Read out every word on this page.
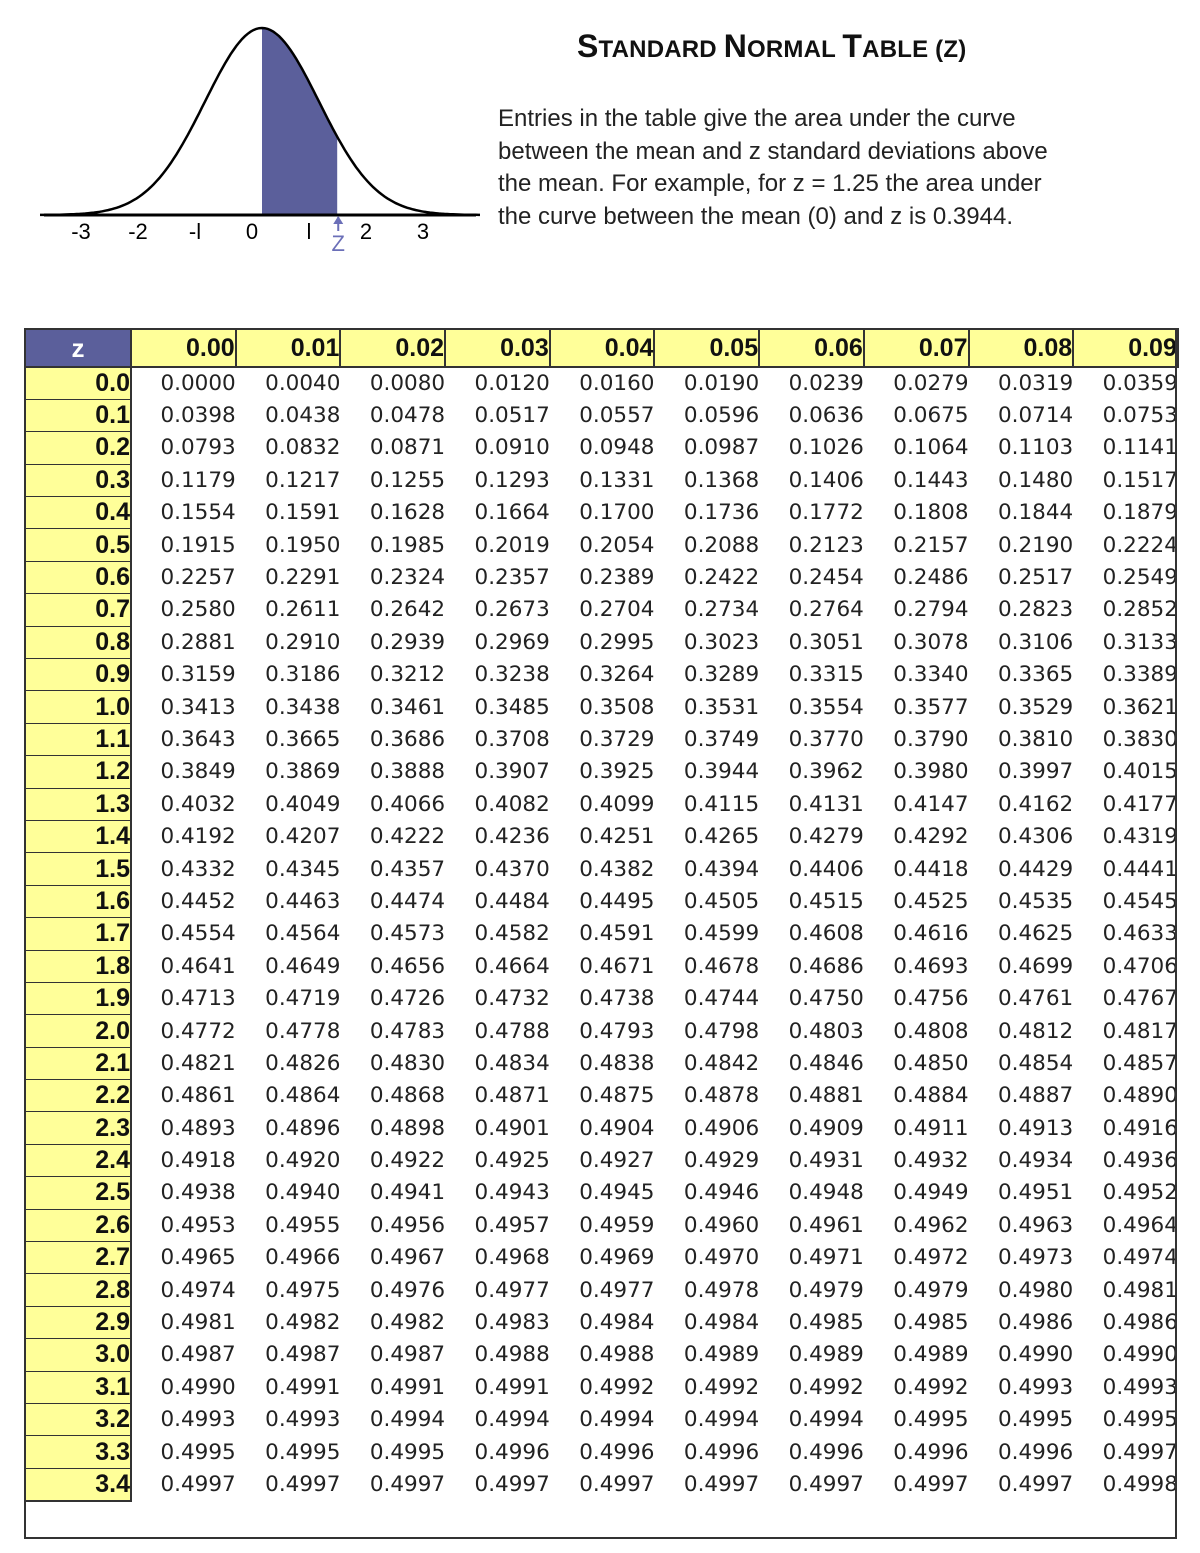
-3 -2 -l 0 l 2 3
Z
STANDARD NORMAL TABLE (Z)
Entries in the table give the area under the curve
between the mean and z standard deviations above
the mean. For example, for z = 1.25 the area under
the curve between the mean (0) and z is 0.3944.
z	0.00	0.01	0.02	0.03	0.04	0.05	0.06	0.07	0.08	0.09
0.0	0.0000	0.0040	0.0080	0.0120	0.0160	0.0190	0.0239	0.0279	0.0319	0.0359
0.1	0.0398	0.0438	0.0478	0.0517	0.0557	0.0596	0.0636	0.0675	0.0714	0.0753
0.2	0.0793	0.0832	0.0871	0.0910	0.0948	0.0987	0.1026	0.1064	0.1103	0.1141
0.3	0.1179	0.1217	0.1255	0.1293	0.1331	0.1368	0.1406	0.1443	0.1480	0.1517
0.4	0.1554	0.1591	0.1628	0.1664	0.1700	0.1736	0.1772	0.1808	0.1844	0.1879
0.5	0.1915	0.1950	0.1985	0.2019	0.2054	0.2088	0.2123	0.2157	0.2190	0.2224
0.6	0.2257	0.2291	0.2324	0.2357	0.2389	0.2422	0.2454	0.2486	0.2517	0.2549
0.7	0.2580	0.2611	0.2642	0.2673	0.2704	0.2734	0.2764	0.2794	0.2823	0.2852
0.8	0.2881	0.2910	0.2939	0.2969	0.2995	0.3023	0.3051	0.3078	0.3106	0.3133
0.9	0.3159	0.3186	0.3212	0.3238	0.3264	0.3289	0.3315	0.3340	0.3365	0.3389
1.0	0.3413	0.3438	0.3461	0.3485	0.3508	0.3531	0.3554	0.3577	0.3529	0.3621
1.1	0.3643	0.3665	0.3686	0.3708	0.3729	0.3749	0.3770	0.3790	0.3810	0.3830
1.2	0.3849	0.3869	0.3888	0.3907	0.3925	0.3944	0.3962	0.3980	0.3997	0.4015
1.3	0.4032	0.4049	0.4066	0.4082	0.4099	0.4115	0.4131	0.4147	0.4162	0.4177
1.4	0.4192	0.4207	0.4222	0.4236	0.4251	0.4265	0.4279	0.4292	0.4306	0.4319
1.5	0.4332	0.4345	0.4357	0.4370	0.4382	0.4394	0.4406	0.4418	0.4429	0.4441
1.6	0.4452	0.4463	0.4474	0.4484	0.4495	0.4505	0.4515	0.4525	0.4535	0.4545
1.7	0.4554	0.4564	0.4573	0.4582	0.4591	0.4599	0.4608	0.4616	0.4625	0.4633
1.8	0.4641	0.4649	0.4656	0.4664	0.4671	0.4678	0.4686	0.4693	0.4699	0.4706
1.9	0.4713	0.4719	0.4726	0.4732	0.4738	0.4744	0.4750	0.4756	0.4761	0.4767
2.0	0.4772	0.4778	0.4783	0.4788	0.4793	0.4798	0.4803	0.4808	0.4812	0.4817
2.1	0.4821	0.4826	0.4830	0.4834	0.4838	0.4842	0.4846	0.4850	0.4854	0.4857
2.2	0.4861	0.4864	0.4868	0.4871	0.4875	0.4878	0.4881	0.4884	0.4887	0.4890
2.3	0.4893	0.4896	0.4898	0.4901	0.4904	0.4906	0.4909	0.4911	0.4913	0.4916
2.4	0.4918	0.4920	0.4922	0.4925	0.4927	0.4929	0.4931	0.4932	0.4934	0.4936
2.5	0.4938	0.4940	0.4941	0.4943	0.4945	0.4946	0.4948	0.4949	0.4951	0.4952
2.6	0.4953	0.4955	0.4956	0.4957	0.4959	0.4960	0.4961	0.4962	0.4963	0.4964
2.7	0.4965	0.4966	0.4967	0.4968	0.4969	0.4970	0.4971	0.4972	0.4973	0.4974
2.8	0.4974	0.4975	0.4976	0.4977	0.4977	0.4978	0.4979	0.4979	0.4980	0.4981
2.9	0.4981	0.4982	0.4982	0.4983	0.4984	0.4984	0.4985	0.4985	0.4986	0.4986
3.0	0.4987	0.4987	0.4987	0.4988	0.4988	0.4989	0.4989	0.4989	0.4990	0.4990
3.1	0.4990	0.4991	0.4991	0.4991	0.4992	0.4992	0.4992	0.4992	0.4993	0.4993
3.2	0.4993	0.4993	0.4994	0.4994	0.4994	0.4994	0.4994	0.4995	0.4995	0.4995
3.3	0.4995	0.4995	0.4995	0.4996	0.4996	0.4996	0.4996	0.4996	0.4996	0.4997
3.4	0.4997	0.4997	0.4997	0.4997	0.4997	0.4997	0.4997	0.4997	0.4997	0.4998
